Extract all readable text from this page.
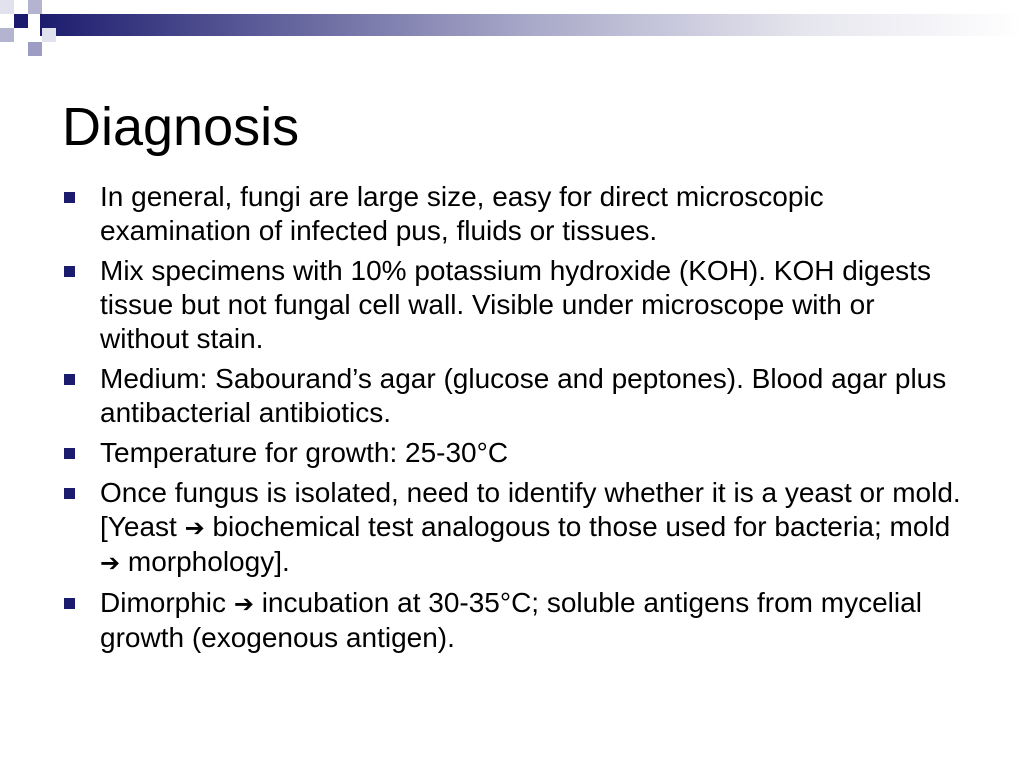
Diagnosis
In general, fungi are large size, easy for direct microscopic examination of infected pus, fluids or tissues.
Mix specimens with 10% potassium hydroxide (KOH). KOH digests tissue but not fungal cell wall. Visible under microscope with or without stain.
Medium: Sabourand’s agar (glucose and peptones). Blood agar plus antibacterial antibiotics.
Temperature for growth: 25-30°C
Once fungus is isolated, need to identify whether it is a yeast or mold. [Yeast ➔ biochemical test analogous to those used for bacteria; mold ➔ morphology].
Dimorphic ➔ incubation at 30-35°C; soluble antigens from mycelial growth (exogenous antigen).
